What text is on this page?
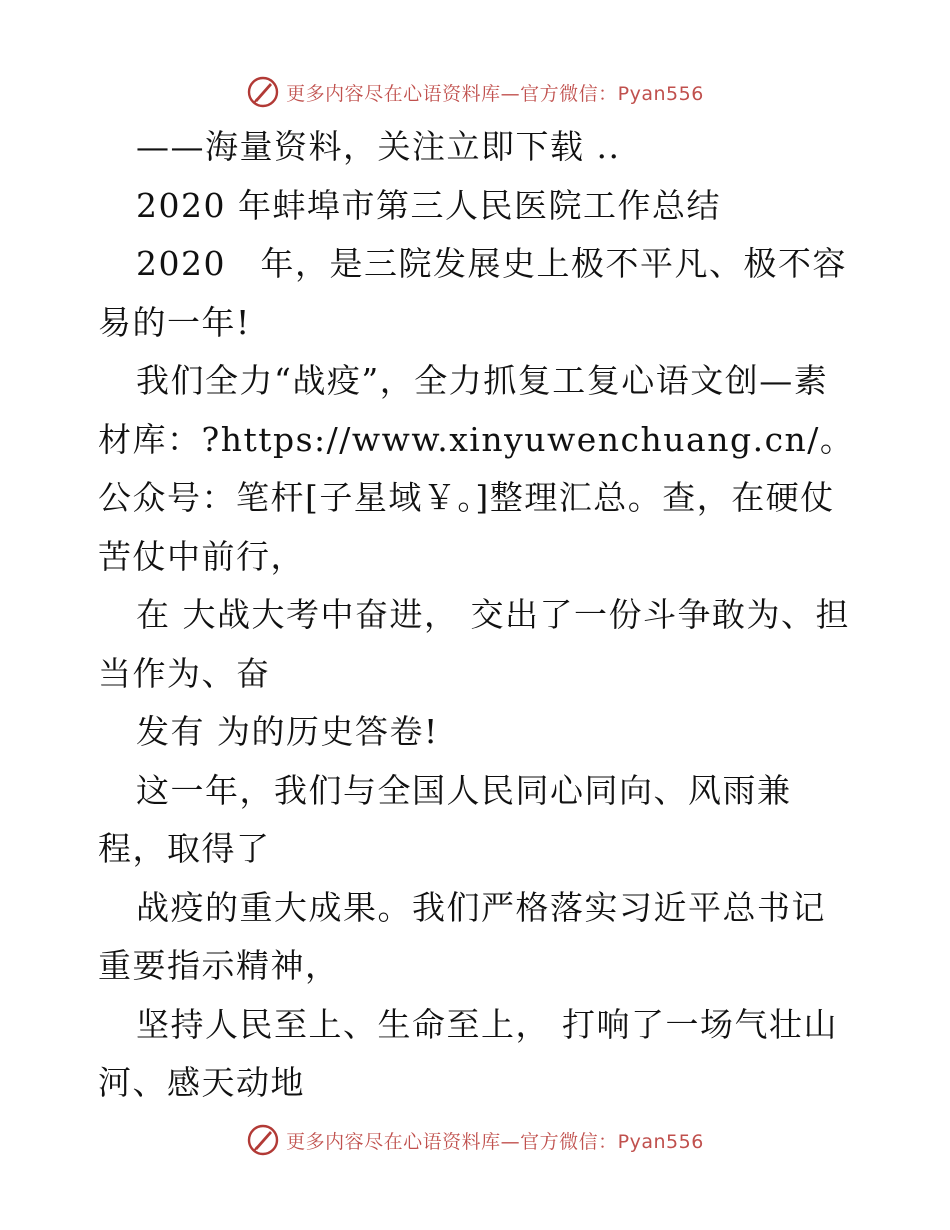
更多内容尽在心语资料库—官方微信：Pyan556

——海量资料，关注立即下载 ..

2020 年蚌埠市第三人民医院工作总结

2020　年，是三院发展史上极不平凡、极不容易的一年!

我们全力“战疫”，全力抓复工复心语文创—素材库：?https://www.xinyuwenchuang.cn/。公众号：笔杆[子星域￥。]整理汇总。查，在硬仗苦仗中前行，

在 大战大考中奋进， 交出了一份斗争敢为、担当作为、奋

发有 为的历史答卷!

这一年，我们与全国人民同心同向、风雨兼程，取得了

战疫的重大成果。我们严格落实习近平总书记重要指示精神，

坚持人民至上、生命至上， 打响了一场气壮山河、感天动地

更多内容尽在心语资料库—官方微信：Pyan556
